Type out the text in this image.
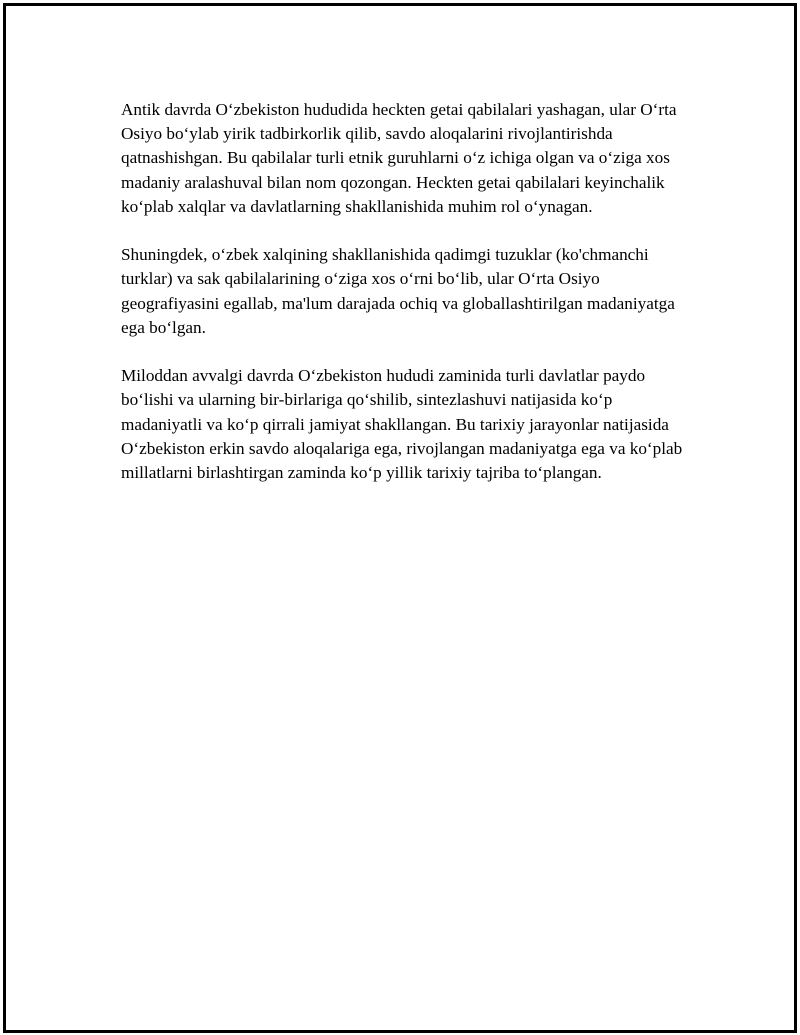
Antik davrda O‘zbekiston hududida heckten getai qabilalari yashagan, ular O‘rta Osiyo bo‘ylab yirik tadbirkorlik qilib, savdo aloqalarini rivojlantirishda qatnashishgan. Bu qabilalar turli etnik guruhlarni o‘z ichiga olgan va o‘ziga xos madaniy aralashuval bilan nom qozongan. Heckten getai qabilalari keyinchalik ko‘plab xalqlar va davlatlarning shakllanishida muhim rol o‘ynagan.

Shuningdek, o‘zbek xalqining shakllanishida qadimgi tuzuklar (ko'chmanchi turklar) va sak qabilalarining o‘ziga xos o‘rni bo‘lib, ular O‘rta Osiyo geografiyasini egallab, ma'lum darajada ochiq va globallashtirilgan madaniyatga ega bo‘lgan.

Miloddan avvalgi davrda O‘zbekiston hududi zaminida turli davlatlar paydo bo‘lishi va ularning bir-birlariga qo‘shilib, sintezlashuvi natijasida ko‘p madaniyatli va ko‘p qirrali jamiyat shakllangan. Bu tarixiy jarayonlar natijasida O‘zbekiston erkin savdo aloqalariga ega, rivojlangan madaniyatga ega va ko‘plab millatlarni birlashtirgan zaminda ko‘p yillik tarixiy tajriba to‘plangan.
